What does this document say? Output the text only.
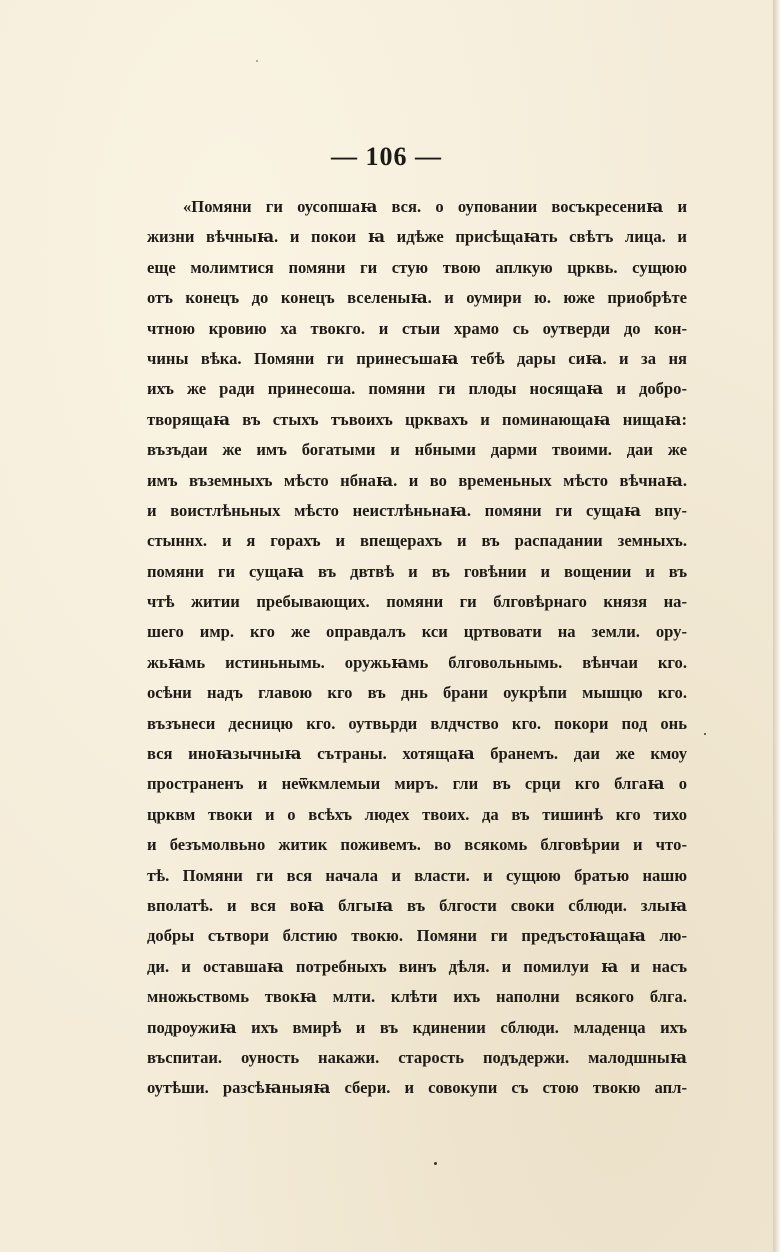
— 106 —
«Помяни ги оусопшаꙗ вся. о оуповании восъкресениꙗ и
жизни вѣчныꙗ. и покои ꙗ идѣже присѣщаꙗть свѣтъ лица. и
еще молимтися помяни ги стую твою аплкую црквь. сущюю
отъ конецъ до конецъ вселеныꙗ. и оумири ю. юже приобрѣте
чтною кровию ха твокго. и стыи храмо сь оутверди до кон-
чины вѣка. Помяни ги принесъшаꙗ тебѣ дары сиꙗ. и за ня
ихъ же ради принесоша. помяни ги плоды носящаꙗ и добро-
творящаꙗ въ стыхъ тъвоихъ црквахъ и поминающаꙗ нищаꙗ:
възъдаи же имъ богатыми и нбными дарми твоими. даи же
имъ възeмныхъ мѣсто нбнаꙗ. и во временьных мѣсто вѣчнаꙗ.
и воистлѣньных мѣсто неистлѣньнаꙗ. помяни ги сущаꙗ впу-
стыннх. и я горахъ и впещерахъ и въ распадании земныхъ.
помяни ги сущаꙗ въ двтвѣ и въ говѣнии и вощении и въ
чтѣ житии пребывающих. помяни ги блговѣрнаго князя на-
шего имр. кго же оправдалъ кси цртвовати на земли. ору-
жьꙗмь истиньнымь. оружьꙗмь блговольнымь. вѣнчаи кго.
осѣни надъ главою кго въ днь брани оукрѣпи мышцю кго.
възънеси десницю кго. оутвьрди влдчство кго. покори под онь
вся иноꙗзычныꙗ сътраны. хотящаꙗ бранемъ. даи же кмоу
пространенъ и неѿкмлемыи миръ. гли въ срци кго блгаꙗ о
црквм твоки и о всѣхъ людех твоих. да въ тишинѣ кго тихо
и безъмолвьно житик поживемъ. во всякомь блговѣрии и чтo-
тѣ. Помяни ги вся начала и власти. и сущюю братью нашю
вполатѣ. и вся воꙗ блгыꙗ въ блгости своки сблюди. злыꙗ
добры сътвори блстию твокю. Помяни ги предъстоꙗщаꙗ лю-
ди. и оставшаꙗ потребныхъ винъ дѣля. и помилуи ꙗ и насъ
множьствомь твокꙗ млти. клѣти ихъ наполни всякого блга.
подроужиꙗ ихъ вмирѣ и въ кдинении сблюди. младенца ихъ
въспитаи. оуность накажи. старость подъдержи. малодшныꙗ
оутѣши. разсѣꙗныяꙗ сбери. и совокупи съ стою твокю апл-
